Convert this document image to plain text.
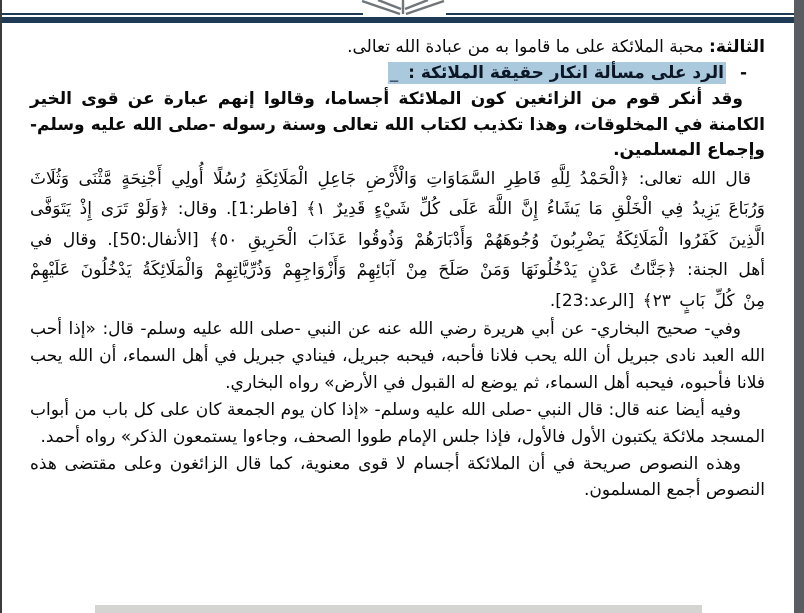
الثالثة: محبة الملائكة على ما قاموا به من عبادة الله تعالى.

-الرد على مسألة انكار حقيقة الملائكة : _

وقد أنكر قوم من الزائغين كون الملائكة أجساما، وقالوا إنهم عبارة عن قوى الخير الكامنة في المخلوقات، وهذا تكذيب لكتاب الله تعالى وسنة رسوله -صلى الله عليه وسلم- وإجماع المسلمين.

قال الله تعالى: ﴿الْحَمْدُ لِلَّهِ فَاطِرِ السَّمَاوَاتِ وَالْأَرْضِ جَاعِلِ الْمَلَائِكَةِ رُسُلًا أُولِي أَجْنِحَةٍ مَّثْنَى وَثُلَاثَ وَرُبَاعَ يَزِيدُ فِي الْخَلْقِ مَا يَشَاءُ إِنَّ اللَّهَ عَلَى كُلِّ شَيْءٍ قَدِيرٌ ١﴾ [فاطر:1]. وقال: ﴿وَلَوْ تَرَى إِذْ يَتَوَفَّى الَّذِينَ كَفَرُوا الْمَلَائِكَةُ يَضْرِبُونَ وُجُوهَهُمْ وَأَدْبَارَهُمْ وَذُوقُوا عَذَابَ الْحَرِيقِ ٥٠﴾ [الأنفال:50]. وقال في أهل الجنة: ﴿جَنَّاتُ عَدْنٍ يَدْخُلُونَهَا وَمَنْ صَلَحَ مِنْ آبَائِهِمْ وَأَزْوَاجِهِمْ وَذُرِّيَّاتِهِمْ وَالْمَلَائِكَةُ يَدْخُلُونَ عَلَيْهِمْ مِنْ كُلِّ بَابٍ ٢٣﴾ [الرعد:23].

وفي- صحيح البخاري- عن أبي هريرة رضي الله عنه عن النبي -صلى الله عليه وسلم- قال: «إذا أحب الله العبد نادى جبريل أن الله يحب فلانا فأحبه، فيحبه جبريل، فينادي جبريل في أهل السماء، أن الله يحب فلانا فأحبوه، فيحبه أهل السماء، ثم يوضع له القبول في الأرض» رواه البخاري.

وفيه أيضا عنه قال: قال النبي -صلى الله عليه وسلم- «إذا كان يوم الجمعة كان على كل باب من أبواب المسجد ملائكة يكتبون الأول فالأول، فإذا جلس الإمام طووا الصحف، وجاءوا يستمعون الذكر» رواه أحمد.

وهذه النصوص صريحة في أن الملائكة أجسام لا قوى معنوية، كما قال الزائغون وعلى مقتضى هذه النصوص أجمع المسلمون.
